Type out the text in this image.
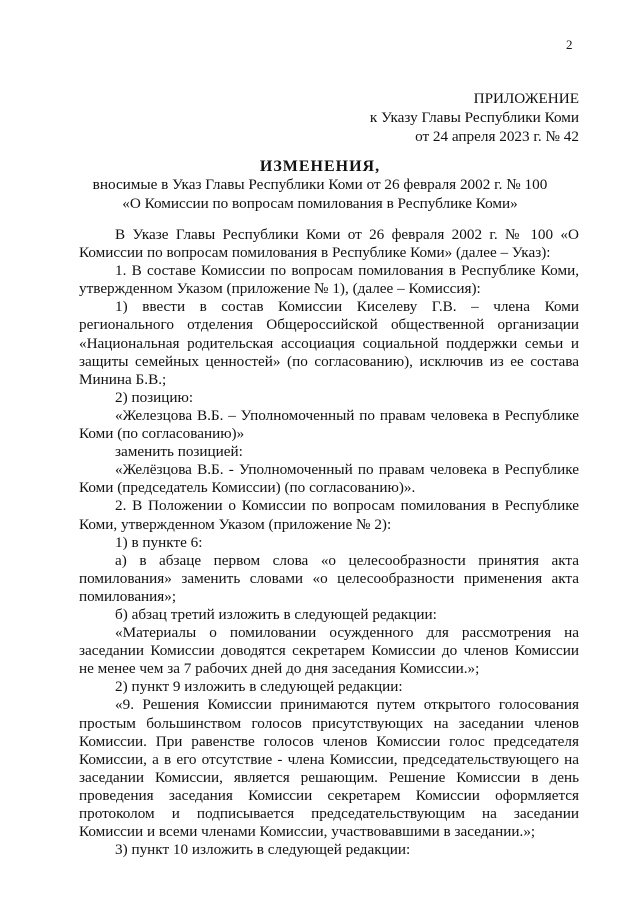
2
ПРИЛОЖЕНИЕ
к Указу Главы Республики Коми
от 24 апреля 2023 г. № 42
ИЗМЕНЕНИЯ,
вносимые в Указ Главы Республики Коми от 26 февраля 2002 г. № 100
«О Комиссии по вопросам помилования в Республике Коми»
В Указе Главы Республики Коми от 26 февраля 2002 г. № 100 «О
Комиссии по вопросам помилования в Республике Коми» (далее – Указ):
1. В составе Комиссии по вопросам помилования в Республике Коми,
утвержденном Указом (приложение № 1), (далее – Комиссия):
1) ввести в состав Комиссии Киселеву Г.В. – члена Коми
регионального отделения Общероссийской общественной организации
«Национальная родительская ассоциация социальной поддержки семьи и
защиты семейных ценностей» (по согласованию), исключив из ее состава
Минина Б.В.;
2) позицию:
«Железцова В.Б. – Уполномоченный по правам человека в Республике
Коми (по согласованию)»
заменить позицией:
«Желёзцова В.Б. - Уполномоченный по правам человека в Республике
Коми (председатель Комиссии) (по согласованию)».
2. В Положении о Комиссии по вопросам помилования в Республике
Коми, утвержденном Указом (приложение № 2):
1) в пункте 6:
а) в абзаце первом слова «о целесообразности принятия акта
помилования» заменить словами «о целесообразности применения акта
помилования»;
б) абзац третий изложить в следующей редакции:
«Материалы о помиловании осужденного для рассмотрения на
заседании Комиссии доводятся секретарем Комиссии до членов Комиссии
не менее чем за 7 рабочих дней до дня заседания Комиссии.»;
2) пункт 9 изложить в следующей редакции:
«9. Решения Комиссии принимаются путем открытого голосования
простым большинством голосов присутствующих на заседании членов
Комиссии. При равенстве голосов членов Комиссии голос председателя
Комиссии, а в его отсутствие - члена Комиссии, председательствующего на
заседании Комиссии, является решающим. Решение Комиссии в день
проведения заседания Комиссии секретарем Комиссии оформляется
протоколом и подписывается председательствующим на заседании
Комиссии и всеми членами Комиссии, участвовавшими в заседании.»;
3) пункт 10 изложить в следующей редакции:
